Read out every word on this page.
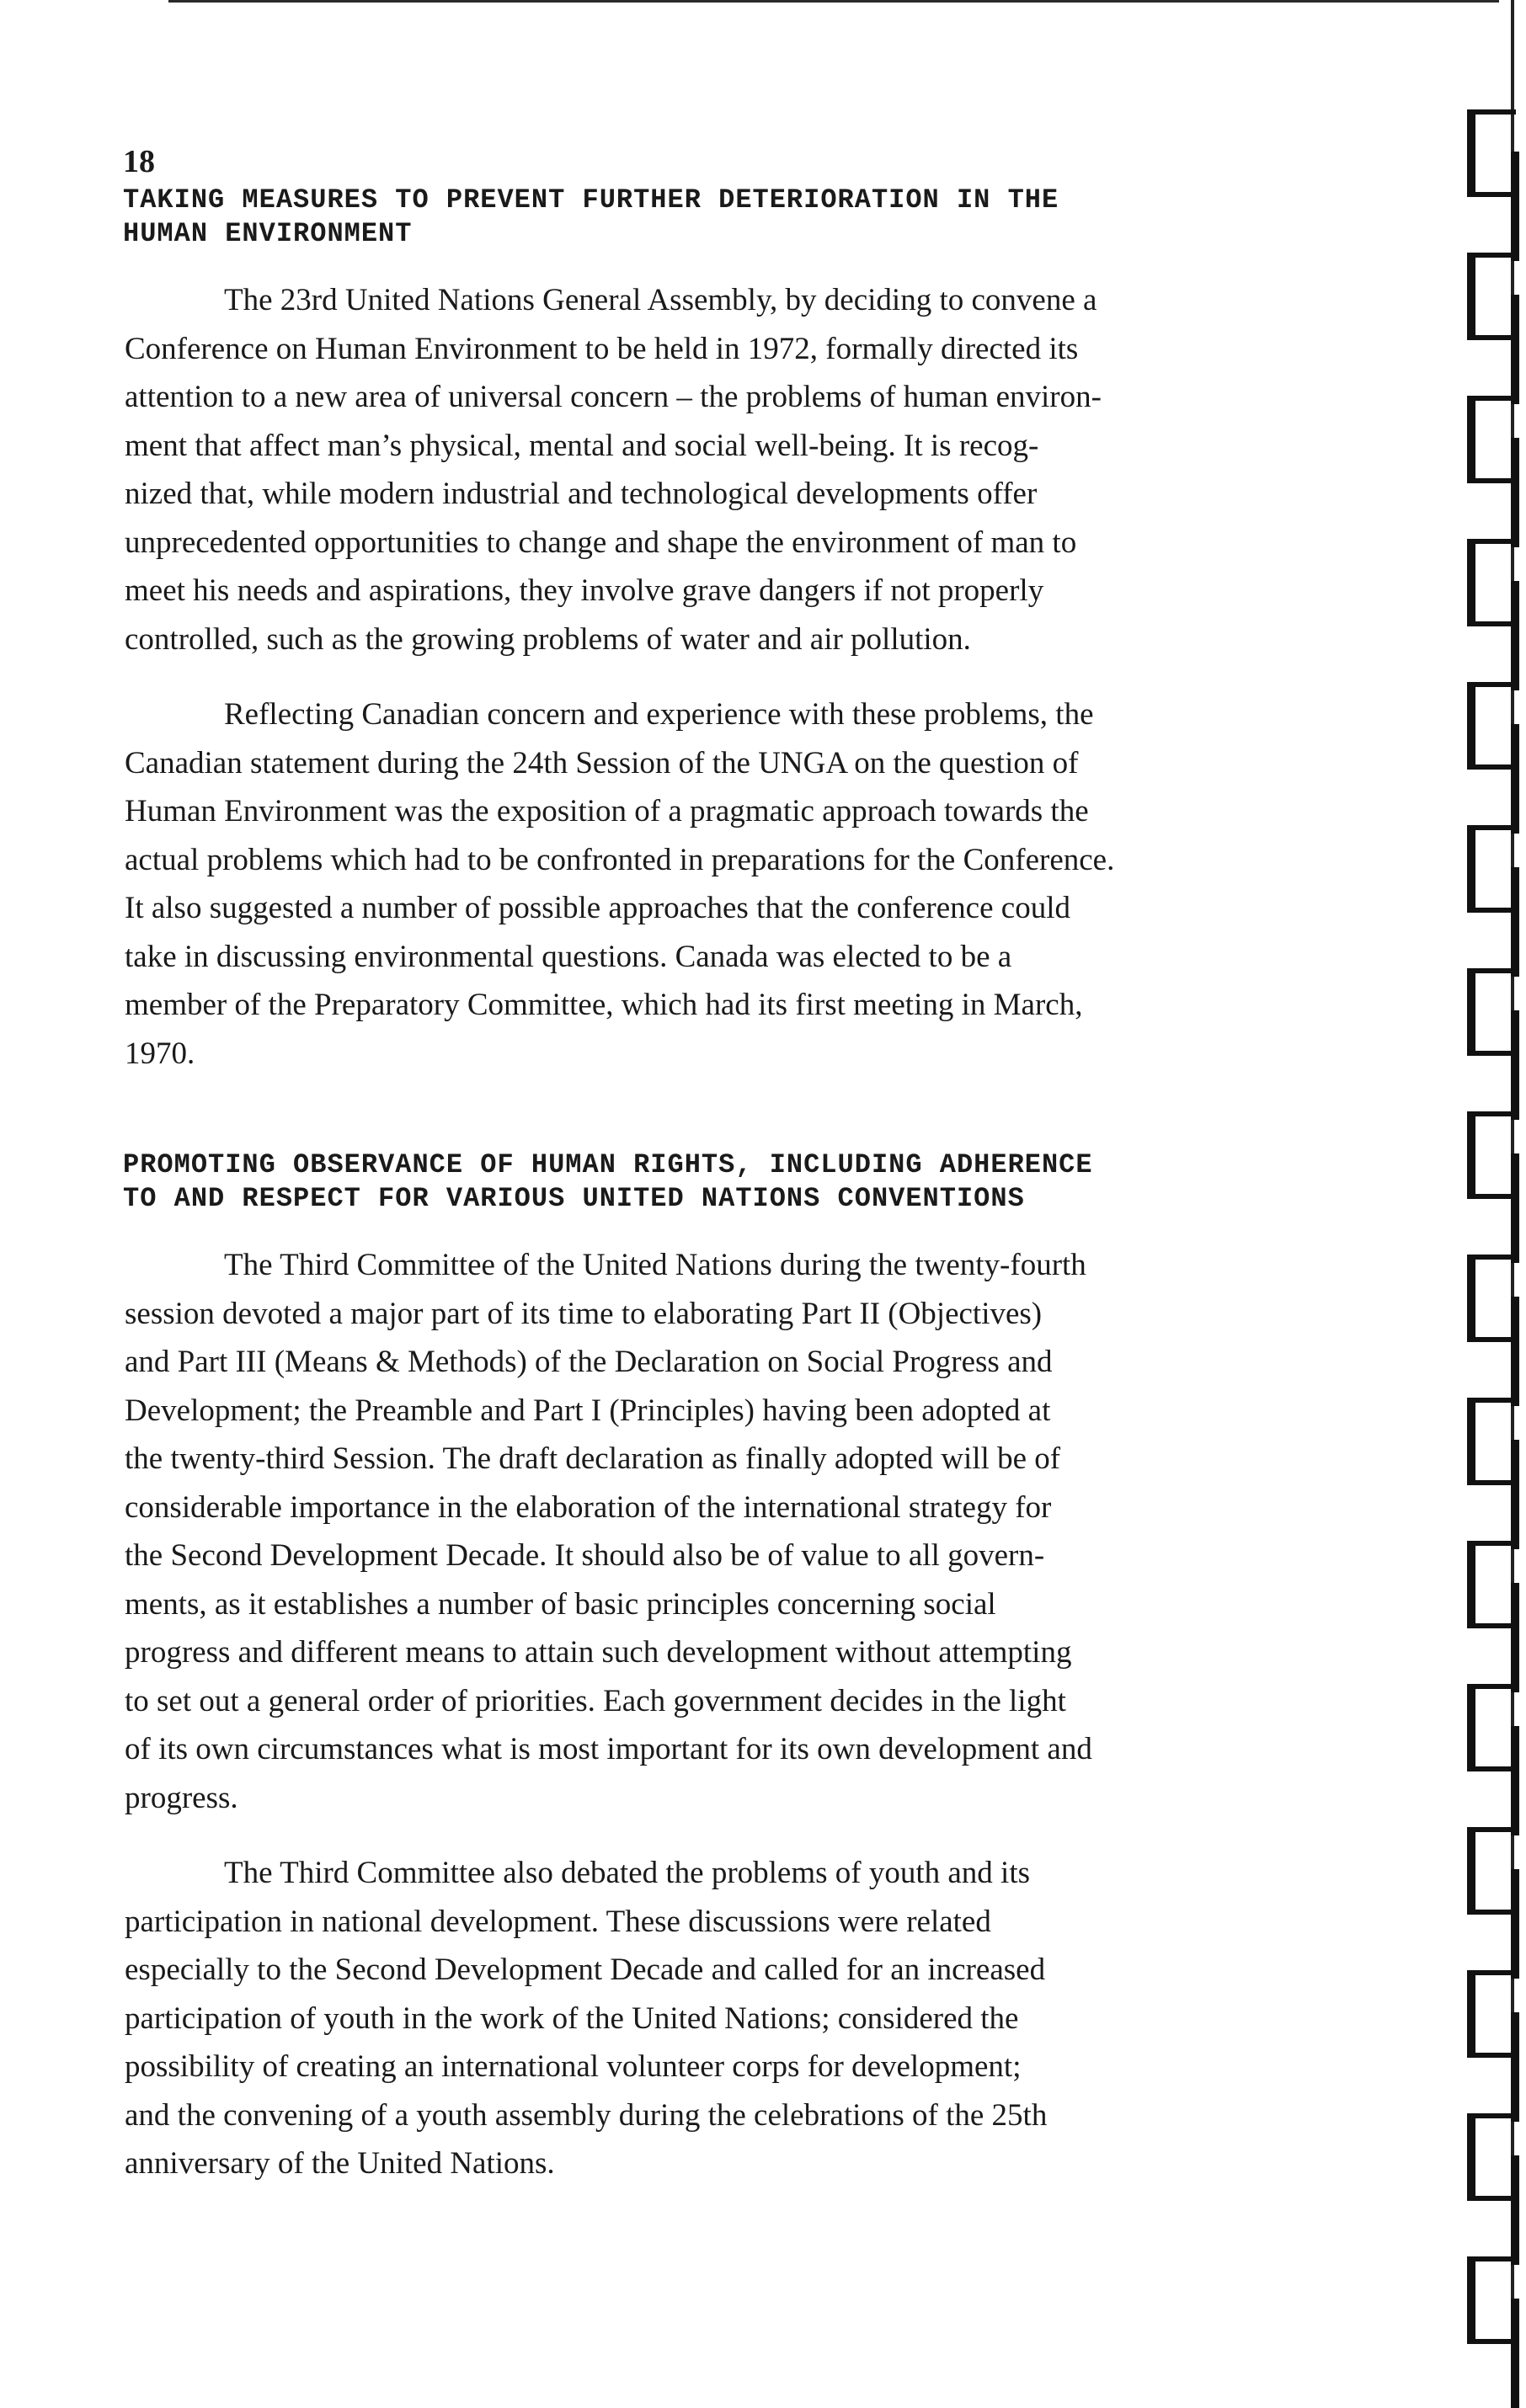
18
TAKING MEASURES TO PREVENT FURTHER DETERIORATION IN THE
HUMAN ENVIRONMENT

The 23rd United Nations General Assembly, by deciding to convene a
Conference on Human Environment to be held in 1972, formally directed its
attention to a new area of universal concern – the problems of human environ-
ment that affect man’s physical, mental and social well-being. It is recog-
nized that, while modern industrial and technological developments offer
unprecedented opportunities to change and shape the environment of man to
meet his needs and aspirations, they involve grave dangers if not properly
controlled, such as the growing problems of water and air pollution.

Reflecting Canadian concern and experience with these problems, the
Canadian statement during the 24th Session of the UNGA on the question of
Human Environment was the exposition of a pragmatic approach towards the
actual problems which had to be confronted in preparations for the Conference.
It also suggested a number of possible approaches that the conference could
take in discussing environmental questions. Canada was elected to be a
member of the Preparatory Committee, which had its first meeting in March,
1970.

PROMOTING OBSERVANCE OF HUMAN RIGHTS, INCLUDING ADHERENCE
TO AND RESPECT FOR VARIOUS UNITED NATIONS CONVENTIONS

The Third Committee of the United Nations during the twenty-fourth
session devoted a major part of its time to elaborating Part II (Objectives)
and Part III (Means & Methods) of the Declaration on Social Progress and
Development; the Preamble and Part I (Principles) having been adopted at
the twenty-third Session. The draft declaration as finally adopted will be of
considerable importance in the elaboration of the international strategy for
the Second Development Decade. It should also be of value to all govern-
ments, as it establishes a number of basic principles concerning social
progress and different means to attain such development without attempting
to set out a general order of priorities. Each government decides in the light
of its own circumstances what is most important for its own development and
progress.

The Third Committee also debated the problems of youth and its
participation in national development. These discussions were related
especially to the Second Development Decade and called for an increased
participation of youth in the work of the United Nations; considered the
possibility of creating an international volunteer corps for development;
and the convening of a youth assembly during the celebrations of the 25th
anniversary of the United Nations.
